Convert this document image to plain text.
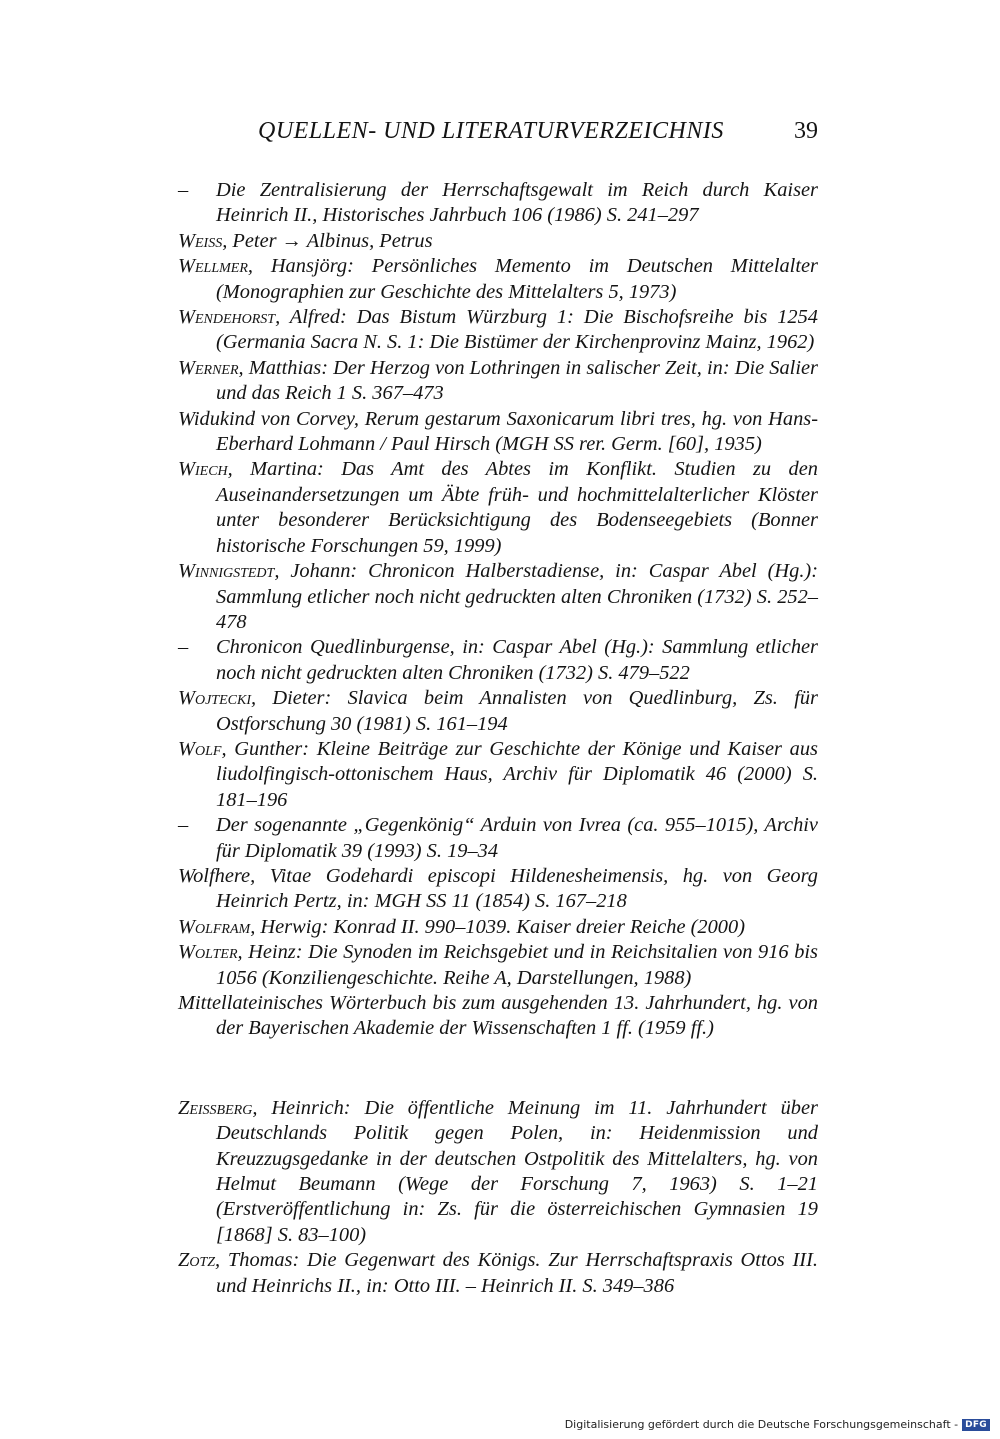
QUELLEN- UND LITERATURVERZEICHNIS	39

– Die Zentralisierung der Herrschaftsgewalt im Reich durch Kaiser Heinrich II., Historisches Jahrbuch 106 (1986) S. 241–297

Weiss, Peter → Albinus, Petrus

Wellmer, Hansjörg: Persönliches Memento im Deutschen Mittelalter (Monographien zur Geschichte des Mittelalters 5, 1973)

Wendehorst, Alfred: Das Bistum Würzburg 1: Die Bischofsreihe bis 1254 (Germania Sacra N. S. 1: Die Bistümer der Kirchenprovinz Mainz, 1962)

Werner, Matthias: Der Herzog von Lothringen in salischer Zeit, in: Die Salier und das Reich 1 S. 367–473

Widukind von Corvey, Rerum gestarum Saxonicarum libri tres, hg. von Hans-Eberhard Lohmann / Paul Hirsch (MGH SS rer. Germ. [60], 1935)

Wiech, Martina: Das Amt des Abtes im Konflikt. Studien zu den Auseinandersetzungen um Äbte früh- und hochmittelalterlicher Klöster unter besonderer Berücksichtigung des Bodenseegebiets (Bonner historische Forschungen 59, 1999)

Winnigstedt, Johann: Chronicon Halberstadiense, in: Caspar Abel (Hg.): Sammlung etlicher noch nicht gedruckten alten Chroniken (1732) S. 252–478

– Chronicon Quedlinburgense, in: Caspar Abel (Hg.): Sammlung etlicher noch nicht gedruckten alten Chroniken (1732) S. 479–522

Wojtecki, Dieter: Slavica beim Annalisten von Quedlinburg, Zs. für Ostforschung 30 (1981) S. 161–194

Wolf, Gunther: Kleine Beiträge zur Geschichte der Könige und Kaiser aus liudolfingisch-ottonischem Haus, Archiv für Diplomatik 46 (2000) S. 181–196

– Der sogenannte „Gegenkönig“ Arduin von Ivrea (ca. 955–1015), Archiv für Diplomatik 39 (1993) S. 19–34

Wolfhere, Vitae Godehardi episcopi Hildenesheimensis, hg. von Georg Heinrich Pertz, in: MGH SS 11 (1854) S. 167–218

Wolfram, Herwig: Konrad II. 990–1039. Kaiser dreier Reiche (2000)

Wolter, Heinz: Die Synoden im Reichsgebiet und in Reichsitalien von 916 bis 1056 (Konziliengeschichte. Reihe A, Darstellungen, 1988)

Mittellateinisches Wörterbuch bis zum ausgehenden 13. Jahrhundert, hg. von der Bayerischen Akademie der Wissenschaften 1 ff. (1959 ff.)

Zeissberg, Heinrich: Die öffentliche Meinung im 11. Jahrhundert über Deutschlands Politik gegen Polen, in: Heidenmission und Kreuzzugsgedanke in der deutschen Ostpolitik des Mittelalters, hg. von Helmut Beumann (Wege der Forschung 7, 1963) S. 1–21 (Erstveröffentlichung in: Zs. für die österreichischen Gymnasien 19 [1868] S. 83–100)

Zotz, Thomas: Die Gegenwart des Königs. Zur Herrschaftspraxis Ottos III. und Heinrichs II., in: Otto III. – Heinrich II. S. 349–386

Digitalisierung gefördert durch die Deutsche Forschungsgemeinschaft - DFG
